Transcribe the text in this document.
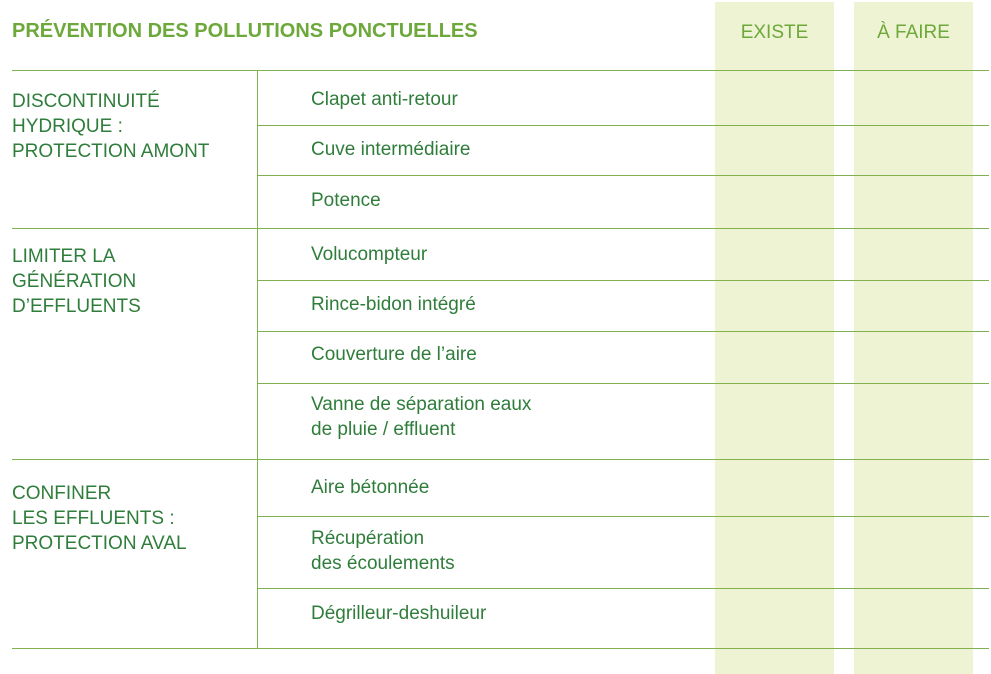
PRÉVENTION DES POLLUTIONS PONCTUELLES	EXISTE	À FAIRE
DISCONTINUITÉ
HYDRIQUE :
PROTECTION AMONT
Clapet anti-retour
Cuve intermédiaire
Potence
LIMITER LA
GÉNÉRATION
D’EFFLUENTS
Volucompteur
Rince-bidon intégré
Couverture de l’aire
Vanne de séparation eaux
de pluie / effluent
CONFINER
LES EFFLUENTS :
PROTECTION AVAL
Aire bétonnée
Récupération
des écoulements
Dégrilleur-deshuileur
